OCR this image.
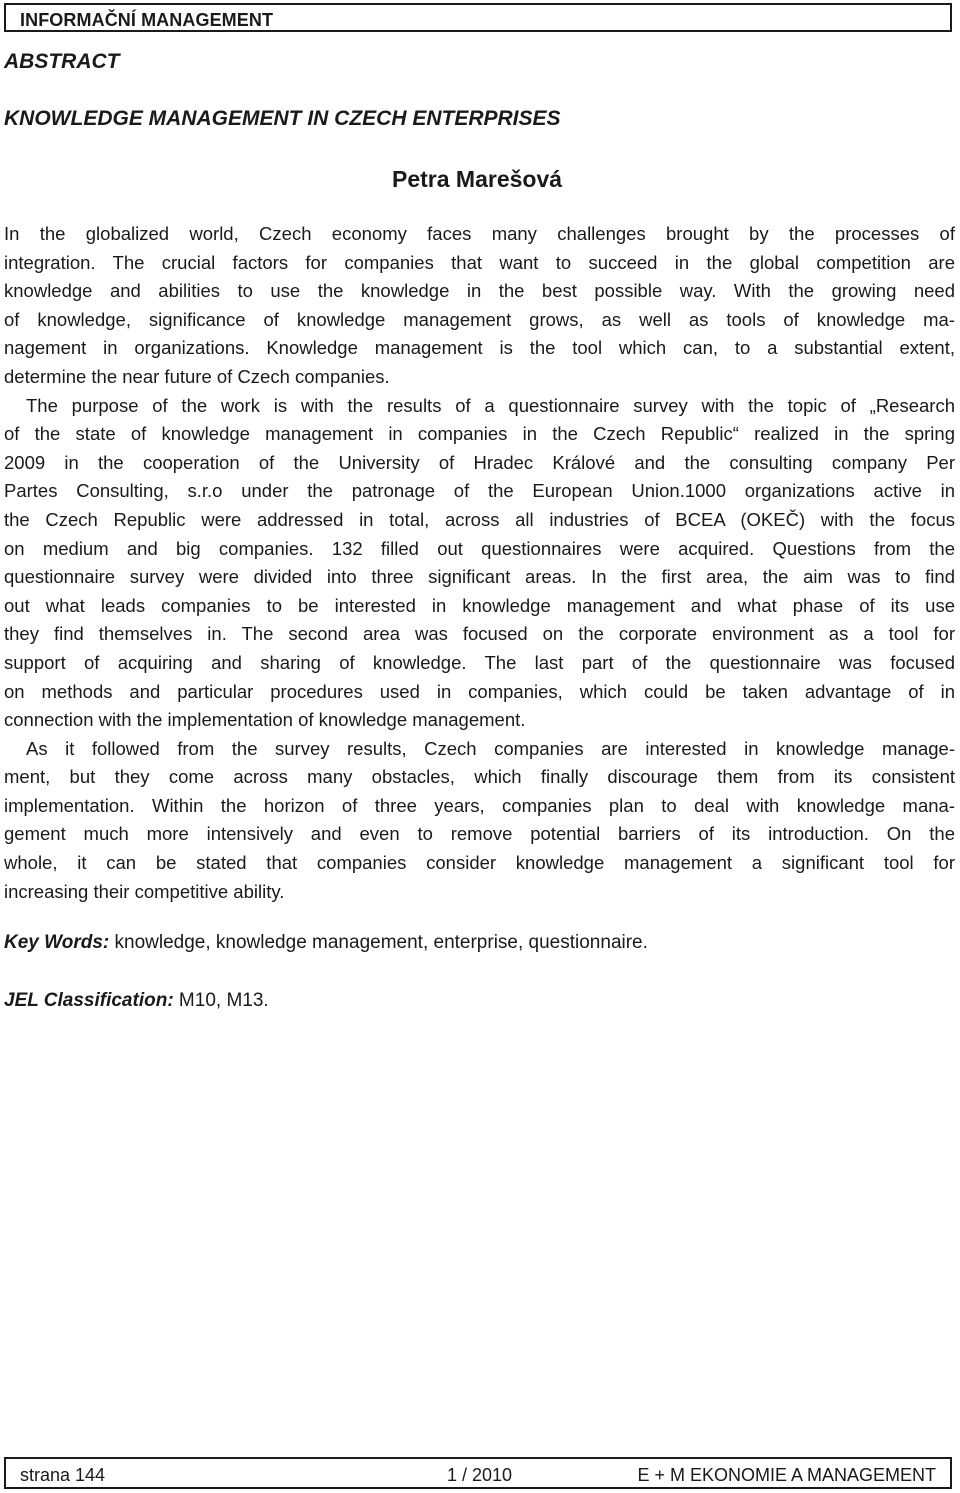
INFORMAČNÍ MANAGEMENT
ABSTRACT
KNOWLEDGE MANAGEMENT IN CZECH ENTERPRISES
Petra Marešová
In the globalized world, Czech economy faces many challenges brought by the processes of
integration. The crucial factors for companies that want to succeed in the global competition are
knowledge and abilities to use the knowledge in the best possible way. With the growing need
of knowledge, significance of knowledge management grows, as well as tools of knowledge ma-
nagement in organizations. Knowledge management is the tool which can, to a substantial extent,
determine the near future of Czech companies.
The purpose of the work is with the results of a questionnaire survey with the topic of „Research
of the state of knowledge management in companies in the Czech Republic“ realized in the spring
2009 in the cooperation of the University of Hradec Králové and the consulting company Per
Partes Consulting, s.r.o under the patronage of the European Union.1000 organizations active in
the Czech Republic were addressed in total, across all industries of BCEA (OKEČ) with the focus
on medium and big companies. 132 filled out questionnaires were acquired. Questions from the
questionnaire survey were divided into three significant areas. In the first area, the aim was to find
out what leads companies to be interested in knowledge management and what phase of its use
they find themselves in. The second area was focused on the corporate environment as a tool for
support of acquiring and sharing of knowledge. The last part of the questionnaire was focused
on methods and particular procedures used in companies, which could be taken advantage of in
connection with the implementation of knowledge management.
As it followed from the survey results, Czech companies are interested in knowledge manage-
ment, but they come across many obstacles, which finally discourage them from its consistent
implementation. Within the horizon of three years, companies plan to deal with knowledge mana-
gement much more intensively and even to remove potential barriers of its introduction. On the
whole, it can be stated that companies consider knowledge management a significant tool for
increasing their competitive ability.
Key Words: knowledge, knowledge management, enterprise, questionnaire.
JEL Classification: M10, M13.
strana 144	1 / 2010	E + M EKONOMIE A MANAGEMENT
